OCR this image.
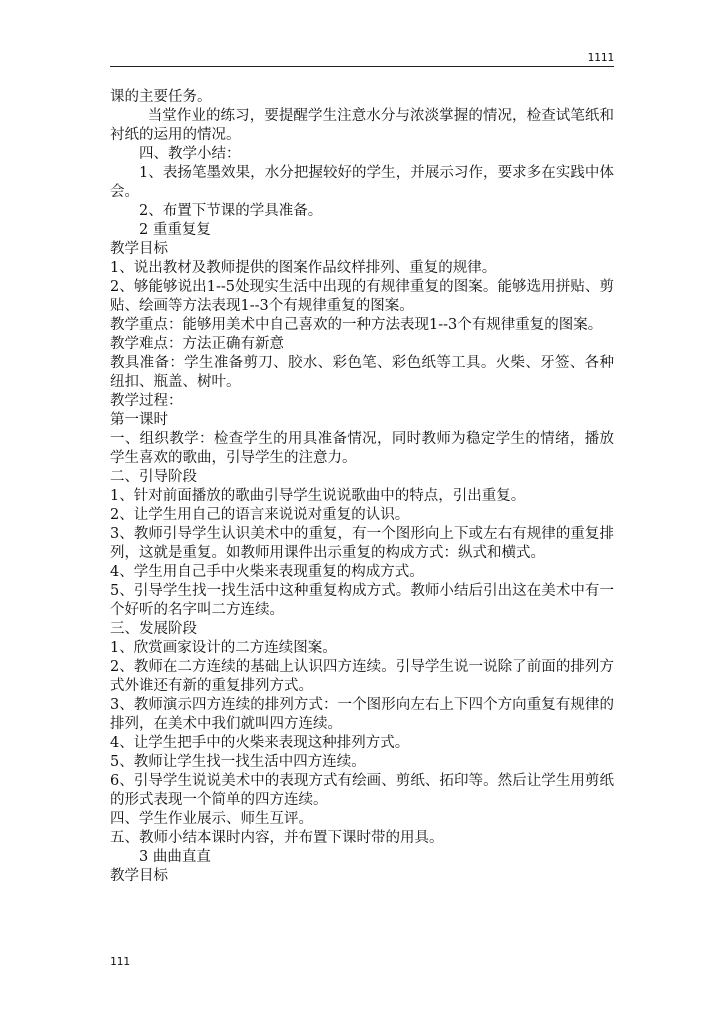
1111

课的主要任务。

当堂作业的练习，要提醒学生注意水分与浓淡掌握的情况，检查试笔纸和衬纸的运用的情况。

四、教学小结：

1、表扬笔墨效果，水分把握较好的学生，并展示习作，要求多在实践中体会。

2、布置下节课的学具准备。

2 重重复复

教学目标

1、说出教材及教师提供的图案作品纹样排列、重复的规律。

2、够能够说出1--5处现实生活中出现的有规律重复的图案。能够选用拼贴、剪贴、绘画等方法表现1--3个有规律重复的图案。

教学重点：能够用美术中自己喜欢的一种方法表现1--3个有规律重复的图案。

教学难点：方法正确有新意

教具准备：学生准备剪刀、胶水、彩色笔、彩色纸等工具。火柴、牙签、各种纽扣、瓶盖、树叶。

教学过程：

第一课时

一、组织教学：检查学生的用具准备情况，同时教师为稳定学生的情绪，播放学生喜欢的歌曲，引导学生的注意力。

二、引导阶段

1、针对前面播放的歌曲引导学生说说歌曲中的特点，引出重复。

2、让学生用自己的语言来说说对重复的认识。

3、教师引导学生认识美术中的重复，有一个图形向上下或左右有规律的重复排列，这就是重复。如教师用课件出示重复的构成方式：纵式和横式。

4、学生用自己手中火柴来表现重复的构成方式。

5、引导学生找一找生活中这种重复构成方式。教师小结后引出这在美术中有一个好听的名字叫二方连续。

三、发展阶段

1、欣赏画家设计的二方连续图案。

2、教师在二方连续的基础上认识四方连续。引导学生说一说除了前面的排列方式外谁还有新的重复排列方式。

3、教师演示四方连续的排列方式：一个图形向左右上下四个方向重复有规律的排列，在美术中我们就叫四方连续。

4、让学生把手中的火柴来表现这种排列方式。

5、教师让学生找一找生活中四方连续。

6、引导学生说说美术中的表现方式有绘画、剪纸、拓印等。然后让学生用剪纸的形式表现一个简单的四方连续。

四、学生作业展示、师生互评。

五、教师小结本课时内容，并布置下课时带的用具。

3 曲曲直直

教学目标

111
